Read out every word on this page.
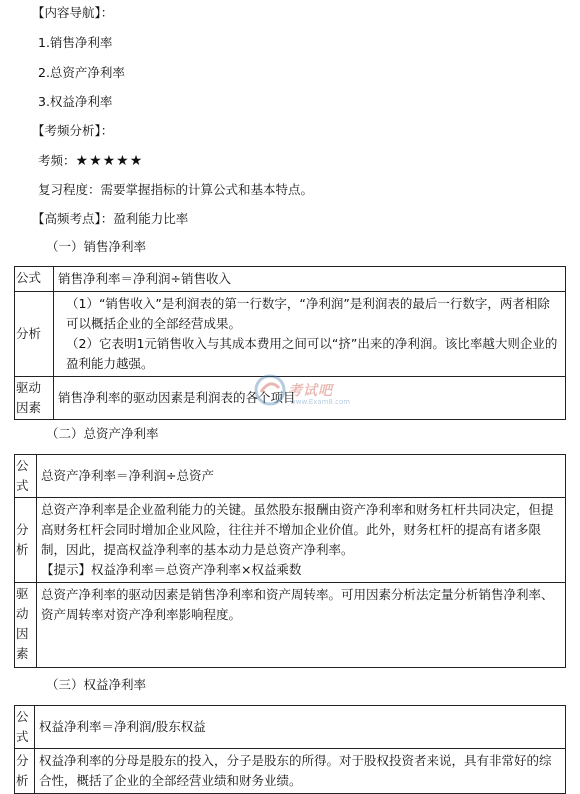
【内容导航】：
1.销售净利率
2.总资产净利率
3.权益净利率
【考频分析】：
考频：★★★★★
复习程度：需要掌握指标的计算公式和基本特点。
【高频考点】：盈利能力比率
（一）销售净利率
公式	销售净利率＝净利润÷销售收入
分析	（1）“销售收入”是利润表的第一行数字，“净利润”是利润表的最后一行数字，两者相除可以概括企业的全部经营成果。
（2）它表明1元销售收入与其成本费用之间可以“挤”出来的净利润。该比率越大则企业的盈利能力越强。

驱动因素	销售净利率的驱动因素是利润表的各个项目
（二）总资产净利率
公式	总资产净利率＝净利润÷总资产
分析	总资产净利率是企业盈利能力的关键。虽然股东报酬由资产净利率和财务杠杆共同决定，但提高财务杠杆会同时增加企业风险，往往并不增加企业价值。此外，财务杠杆的提高有诸多限制，因此，提高权益净利率的基本动力是总资产净利率。
【提示】权益净利率＝总资产净利率×权益乘数

驱动因素	总资产净利率的驱动因素是销售净利率和资产周转率。可用因素分析法定量分析销售净利率、资产周转率对资产净利率影响程度。
（三）权益净利率
公式	权益净利率＝净利润/股东权益
分析	权益净利率的分母是股东的投入，分子是股东的所得。对于股权投资者来说，具有非常好的综合性，概括了企业的全部经营业绩和财务业绩。
考试吧
www.Exam8.com
